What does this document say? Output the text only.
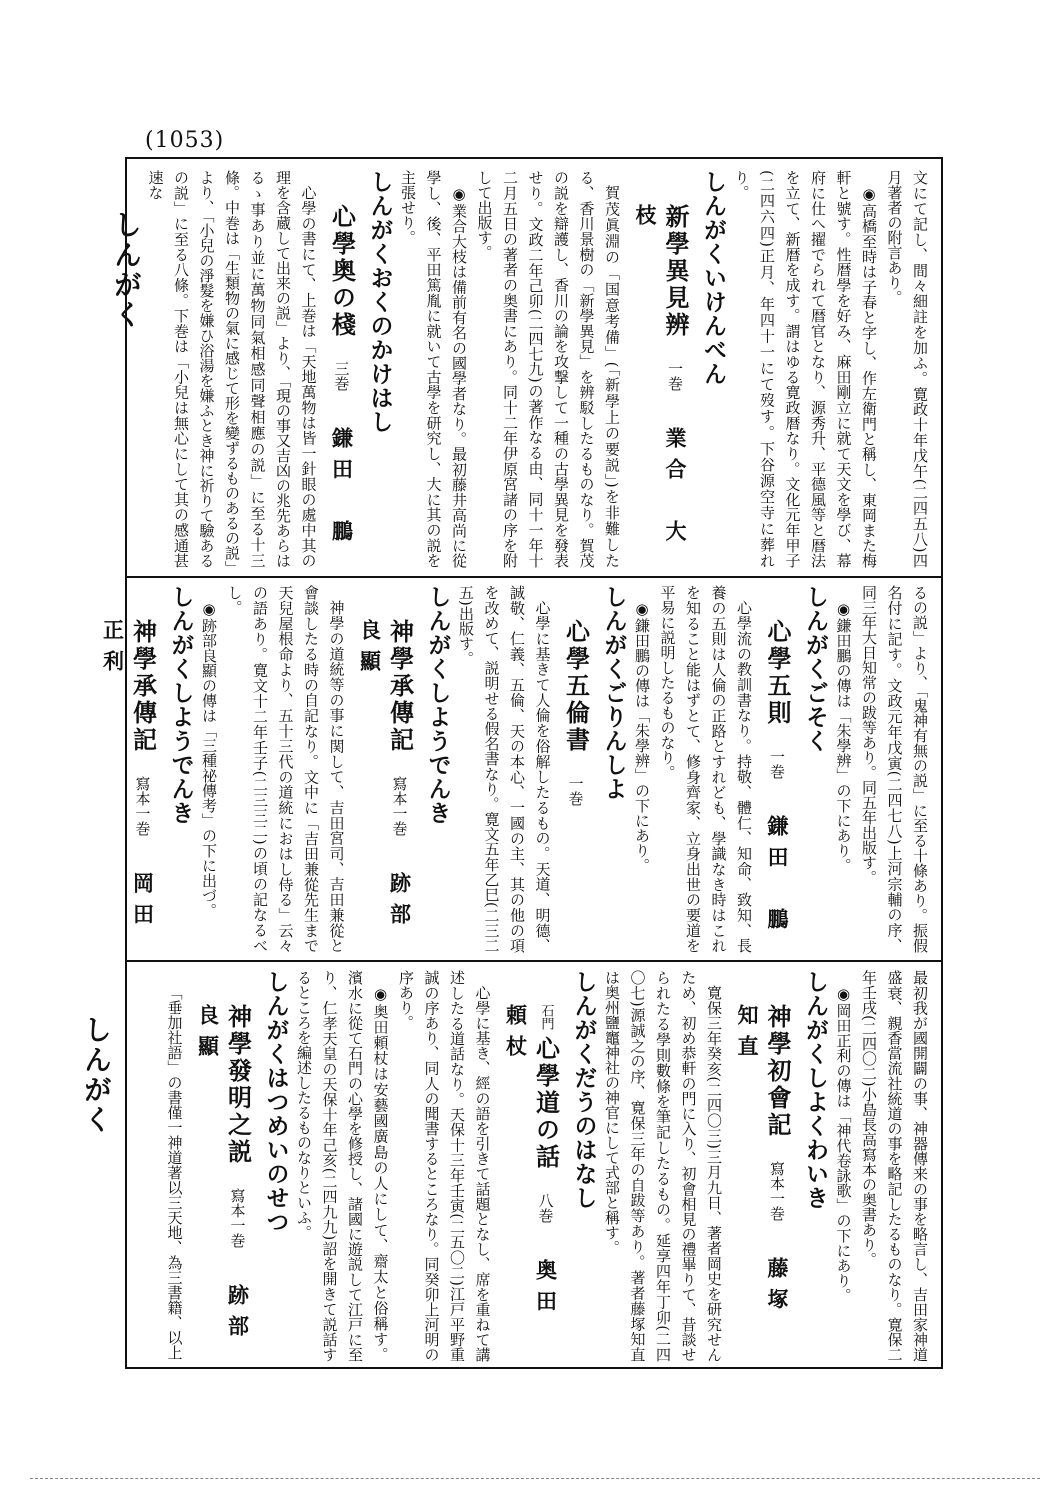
(1053)
しんがく
しんがく
文にて記し、間々細註を加ふ。寛政十年戊午(二四五八)四月著者の附言あり。
◉高橋至時は子春と字し、作左衛門と稱し、東岡また梅軒と號す。性暦學を好み、麻田剛立に就て天文を學び、幕府に仕へ擢でられて暦官となり、源秀升、平德風等と暦法を立て、新暦を成す。謂はゆる寛政暦なり。文化元年甲子(二四六四)正月、年四十一にて歿す。下谷源空寺に葬れり。
しんがくいけんべん
新學異見辨 一巻 業合　大枝
賀茂眞淵の「国意考備」(「新學上の要説」)を非難したる、香川景樹の「新學異見」を辨駁したるものなり。賀茂の説を辯護し、香川の論を攻撃して一種の古學異見を發表せり。文政二年己卯(二四七九)の著作なる由、同十一年十二月五日の著者の奥書にあり。同十二年伊原宮諸の序を附して出版す。
◉業合大枝は備前有名の國學者なり。最初藤井高尚に從學し、後、平田篤胤に就いて古學を研究し、大に其の説を主張せり。
しんがくおくのかけはし
心學奥の棧 三巻 鎌田　鵬
心學の書にて、上巻は「天地萬物は皆一針眼の處中其の理を含蔵して出来の説」より、「現の事又吉凶の兆先あらはるゝ事あり並に萬物同氣相感同聲相應の説」に至る十三條。中巻は「生類物の氣に感じて形を變ずるものあるの説」より、「小兒の淨髮を嫌ひ浴湯を嫌ふとき神に祈りて驗あるの説」に至る八條。下巻は「小兒は無心にして其の感通甚速な
るの説」より、「鬼神有無の説」に至る十條あり。振假名付に記す。文政元年戊寅(二四七八)上河宗輔の序、同三年大日知常の跋等あり。同五年出版す。
◉鎌田鵬の傳は「朱學辨」の下にあり。
しんがくごそく
心學五則 一巻 鎌田　鵬
心學流の教訓書なり。持敬、體仁、知命、致知、長養の五則は人倫の正路とすれども、學識なき時はこれを知ること能はずとて、修身齊家、立身出世の要道を平易に説明したるものなり。
◉鎌田鵬の傳は「朱學辨」の下にあり。
しんがくごりんしよ
心學五倫書 一巻
心學に基きて人倫を俗解したるもの。天道、明德、誠敬、仁義、五倫、天の本心、一國の主、其の他の項を改めて、説明せる假名書なり。寛文五年乙巳(二三二五)出版す。
しんがくしようでんき
神學承傳記 寫本一巻 跡部　良顯
神學の道統等の事に関して、吉田宮司、吉田兼從と會談したる時の自記なり。文中に「吉田兼從先生まで天兒屋根命より、五十三代の道統におはし侍る」云々の語あり。寛文十二年壬子(二三三二)の頃の記なるべし。
◉跡部良顯の傳は「三種祕傳考」の下に出づ。
しんがくしようでんき
神學承傳記 寫本一巻 岡田　正利
最初我が國開闢の事、神器傳来の事を略言し、吉田家神道盛衰、親香當流社統道の事を略記したるものなり。寛保二年壬戌(二四〇二)小島長高寫本の奥書あり。
◉岡田正利の傳は「神代卷詠歌」の下にあり。
しんがくしよくわいき
神學初會記 寫本一巻 藤塚　知直
寛保三年癸亥(二四〇三)三月九日、著者岡史を研究せんため、初め恭軒の門に入り、初會相見の禮畢りて、昔談せられたる學則數條を筆記したるもの。延享四年丁卯(二四〇七)源誠之の序、寛保三年の自跋等あり。著者藤塚知直は奥州鹽竈神社の神官にして式部と稱す。
しんがくだうのはなし
石門 心學道の話 八巻 奥田　頼杖
心學に基き、經の語を引きて話題となし、席を重ねて講述したる道話なり。天保十三年壬寅(二五〇二)江戸平野重誠の序あり、同人の聞書するところなり。同癸卯上河明の序あり。
◉奥田頼杖は安藝國廣島の人にして、齋太と俗稱す。濱水に從て石門の心學を修授し、諸國に遊説して江戸に至り、仁孝天皇の天保十年己亥(二四九九)詔を開きて説話するところを編述したるものなりといふ。
しんがくはつめいのせつ
神學發明之説 寫本一巻 跡部　良顯
「垂加社語」の書僅一神道著以三天地、為三書籍、以上
